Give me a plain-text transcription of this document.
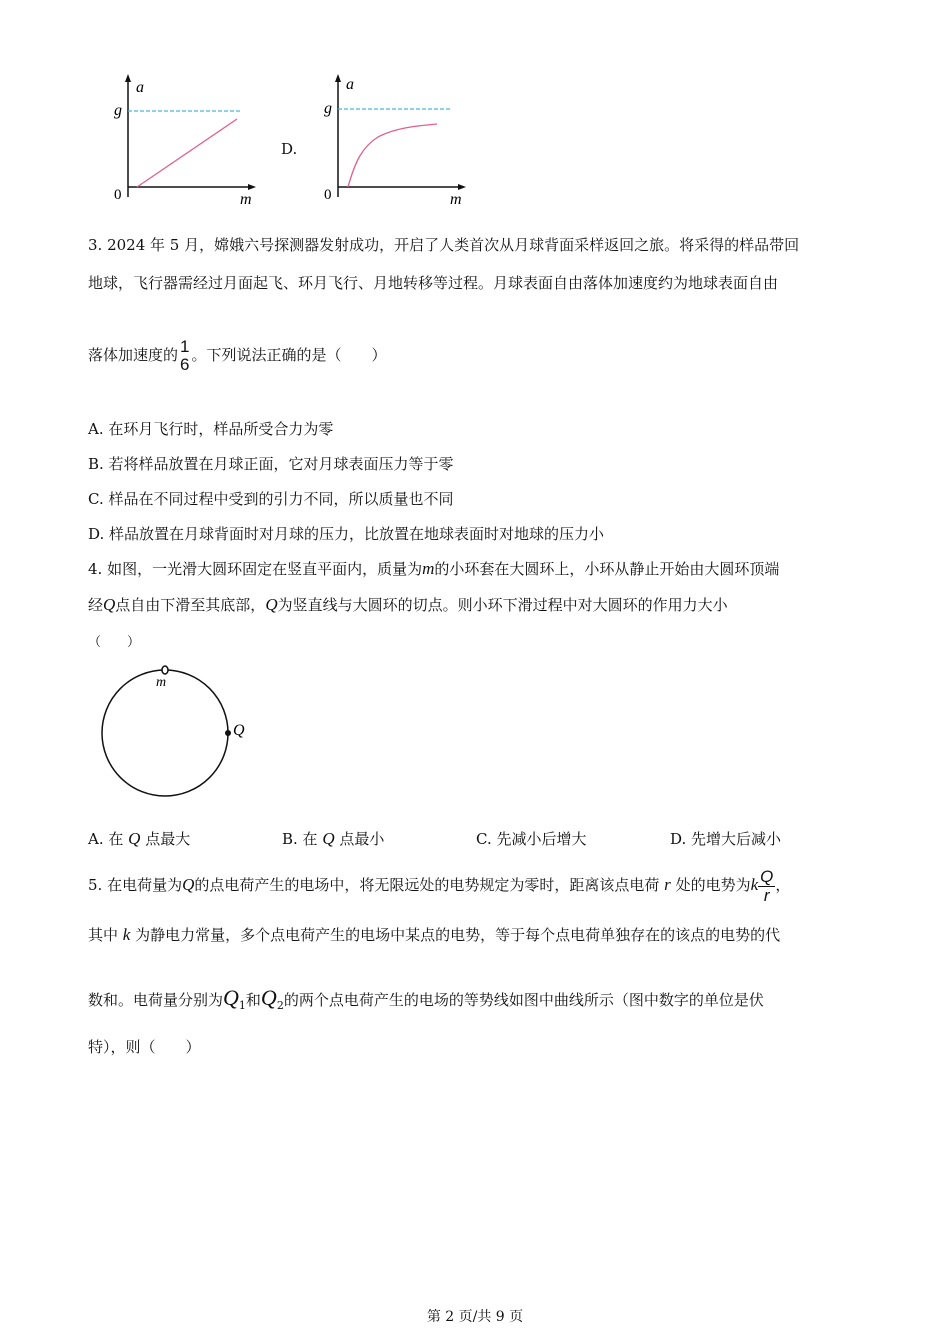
a
g
0	m
D.
a
g
0	m
3. 2024 年 5 月，嫦娥六号探测器发射成功，开启了人类首次从月球背面采样返回之旅。将采得的样品带回
地球，飞行器需经过月面起飞、环月飞行、月地转移等过程。月球表面自由落体加速度约为地球表面自由
落体加速度的 1
6 。下列说法正确的是（　　）
A. 在环月飞行时，样品所受合力为零
B. 若将样品放置在月球正面，它对月球表面压力等于零
C. 样品在不同过程中受到的引力不同，所以质量也不同
D. 样品放置在月球背面时对月球的压力，比放置在地球表面时对地球的压力小
4. 如图，一光滑大圆环固定在竖直平面内，质量为m的小环套在大圆环上，小环从静止开始由大圆环顶端
经Q点自由下滑至其底部，Q为竖直线与大圆环的切点。则小环下滑过程中对大圆环的作用力大小
（　　）
m
Q
A. 在 Q 点最大	B. 在 Q 点最小	C. 先减小后增大	D. 先增大后减小
5. 在电荷量为Q的点电荷产生的电场中，将无限远处的电势规定为零时，距离该点电荷 r 处的电势为k $\frac{Q}{r}$ ，
其中 k 为静电力常量，多个点电荷产生的电场中某点的电势，等于每个点电荷单独存在的该点的电势的代
数和。电荷量分别为$Q_1$和$Q_2$的两个点电荷产生的电场的等势线如图中曲线所示（图中数字的单位是伏
特），则（　　）
第 2 页/共 9 页
